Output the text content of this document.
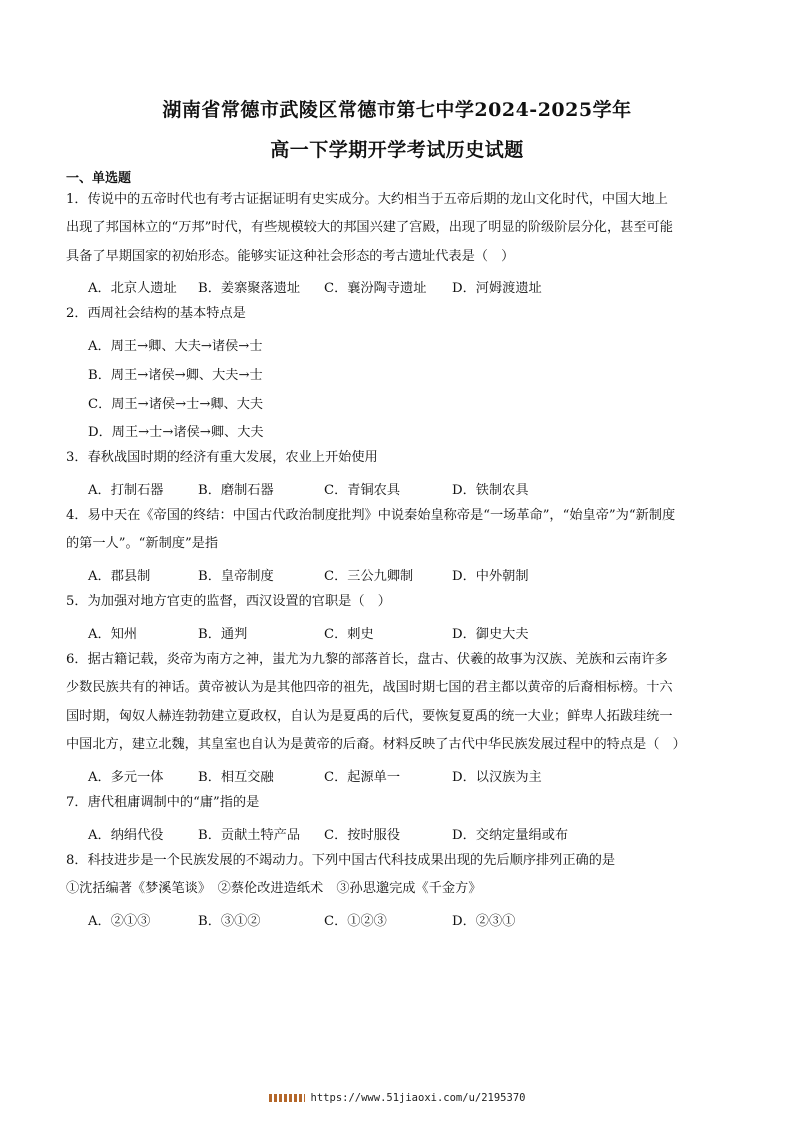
湖南省常德市武陵区常德市第七中学2024-2025学年
高一下学期开学考试历史试题
一、单选题
1．传说中的五帝时代也有考古证据证明有史实成分。大约相当于五帝后期的龙山文化时代，中国大地上
出现了邦国林立的“万邦”时代，有些规模较大的邦国兴建了宫殿，出现了明显的阶级阶层分化，甚至可能
具备了早期国家的初始形态。能够实证这种社会形态的考古遗址代表是（　）
A．北京人遗址 B．姜寨聚落遗址 C．襄汾陶寺遗址 D．河姆渡遗址
2．西周社会结构的基本特点是
A．周王→卿、大夫→诸侯→士
B．周王→诸侯→卿、大夫→士
C．周王→诸侯→士→卿、大夫
D．周王→士→诸侯→卿、大夫
3．春秋战国时期的经济有重大发展，农业上开始使用
A．打制石器	B．磨制石器	C．青铜农具	D．铁制农具
4．易中天在《帝国的终结：中国古代政治制度批判》中说秦始皇称帝是“一场革命”，“始皇帝”为“新制度
的第一人”。“新制度”是指
A．郡县制	B．皇帝制度	C．三公九卿制	D．中外朝制
5．为加强对地方官吏的监督，西汉设置的官职是（　）
A．知州	B．通判	C．刺史	D．御史大夫
6．据古籍记载，炎帝为南方之神，蚩尤为九黎的部落首长，盘古、伏羲的故事为汉族、羌族和云南许多
少数民族共有的神话。黄帝被认为是其他四帝的祖先，战国时期七国的君主都以黄帝的后裔相标榜。十六
国时期，匈奴人赫连勃勃建立夏政权，自认为是夏禹的后代，要恢复夏禹的统一大业；鲜卑人拓跋珪统一
中国北方，建立北魏，其皇室也自认为是黄帝的后裔。材料反映了古代中华民族发展过程中的特点是（　）
A．多元一体	B．相互交融	C．起源单一	D．以汉族为主
7．唐代租庸调制中的“庸”指的是
A．纳绢代役	B．贡献土特产品 C．按时服役	D．交纳定量绢或布
8．科技进步是一个民族发展的不竭动力。下列中国古代科技成果出现的先后顺序排列正确的是
①沈括编著《梦溪笔谈》　②蔡伦改进造纸术　③孙思邈完成《千金方》
A．②①③	B．③①②	C．①②③	D．②③①
https://www.51jiaoxi.com/u/2195370
